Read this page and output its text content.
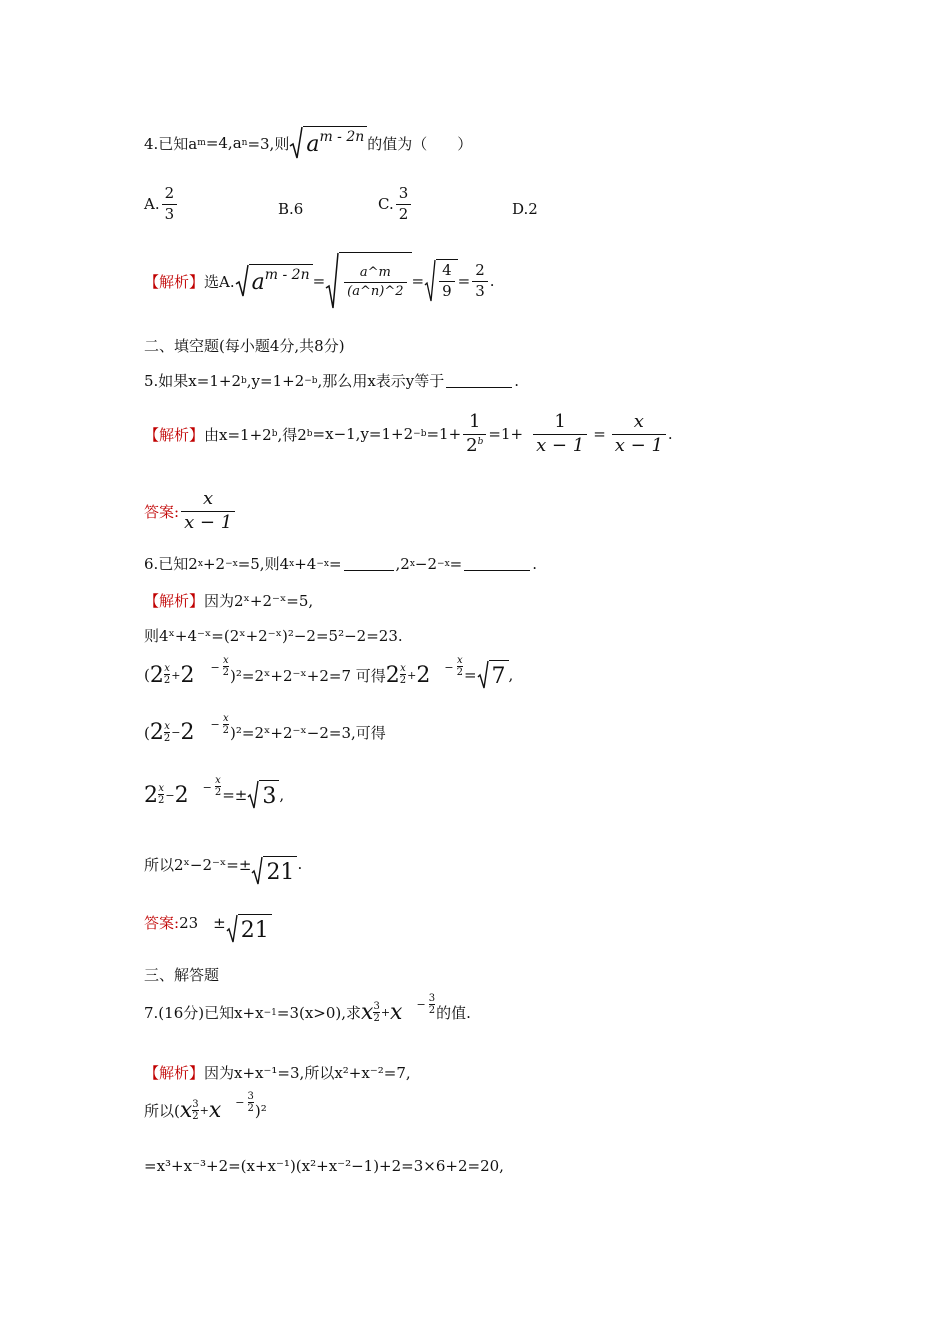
4.已知a m =4,a n =3,则 a m - 2n 的值为（　　）
A. $\frac{2}{3}$	B.6	C. $\frac{3}{2}$	D.2
【解析】 选A. a $m - 2n = \frac{a\^{}m}{(a\^{}n)\^{}2} = \frac{4}{9} = \frac{2}{3}$ .
二、填空题(每小题4分,共8分)
5.如果x=1+2 b ,y=1+2 −b ,那么用x表示y等于	.
【解析】 由x=1+2 b ,得2 $b =x-1,y=1+2 -b =1+ \frac{1}{2^b} =1+ \frac{1}{x - 1} = \frac{x}{x - 1}$ .
答案: $\frac{x}{x - 1}$
6.已知2 x +2 −x =5,则4 x +4 −x =	,2 x −2 −x =	.
【解析】 因为2ˣ+2⁻ˣ=5,
则4ˣ+4⁻ˣ=(2ˣ+2⁻ˣ)²−2=5²−2=23.
( 2 x
$2 + 2 - \frac{x}{2}$ )²=2ˣ+2⁻ˣ+2=7 可得 2 x
$2 + 2 - \frac{x}{2} = 7$ ,
( 2 x
$2 - 2 - \frac{x}{2}$ )²=2ˣ+2⁻ˣ−2=3,可得
2 x
$2 - 2 - \frac{x}{2} =\pm 3$ ,
所以2ˣ−2⁻ˣ=± 21 .
答案: 23　± 21
三、解答题
7.(16分)已知x+x −1 =3(x>0),求 x 3
$2 + x - \frac{3}{2}$ 的值.
【解析】 因为x+x⁻¹=3,所以x²+x⁻²=7,
所以( x 3
$2 + x - \frac{3}{2} )^2$
=x³+x⁻³+2=(x+x⁻¹)(x²+x⁻²−1)+2=3×6+2=20,
